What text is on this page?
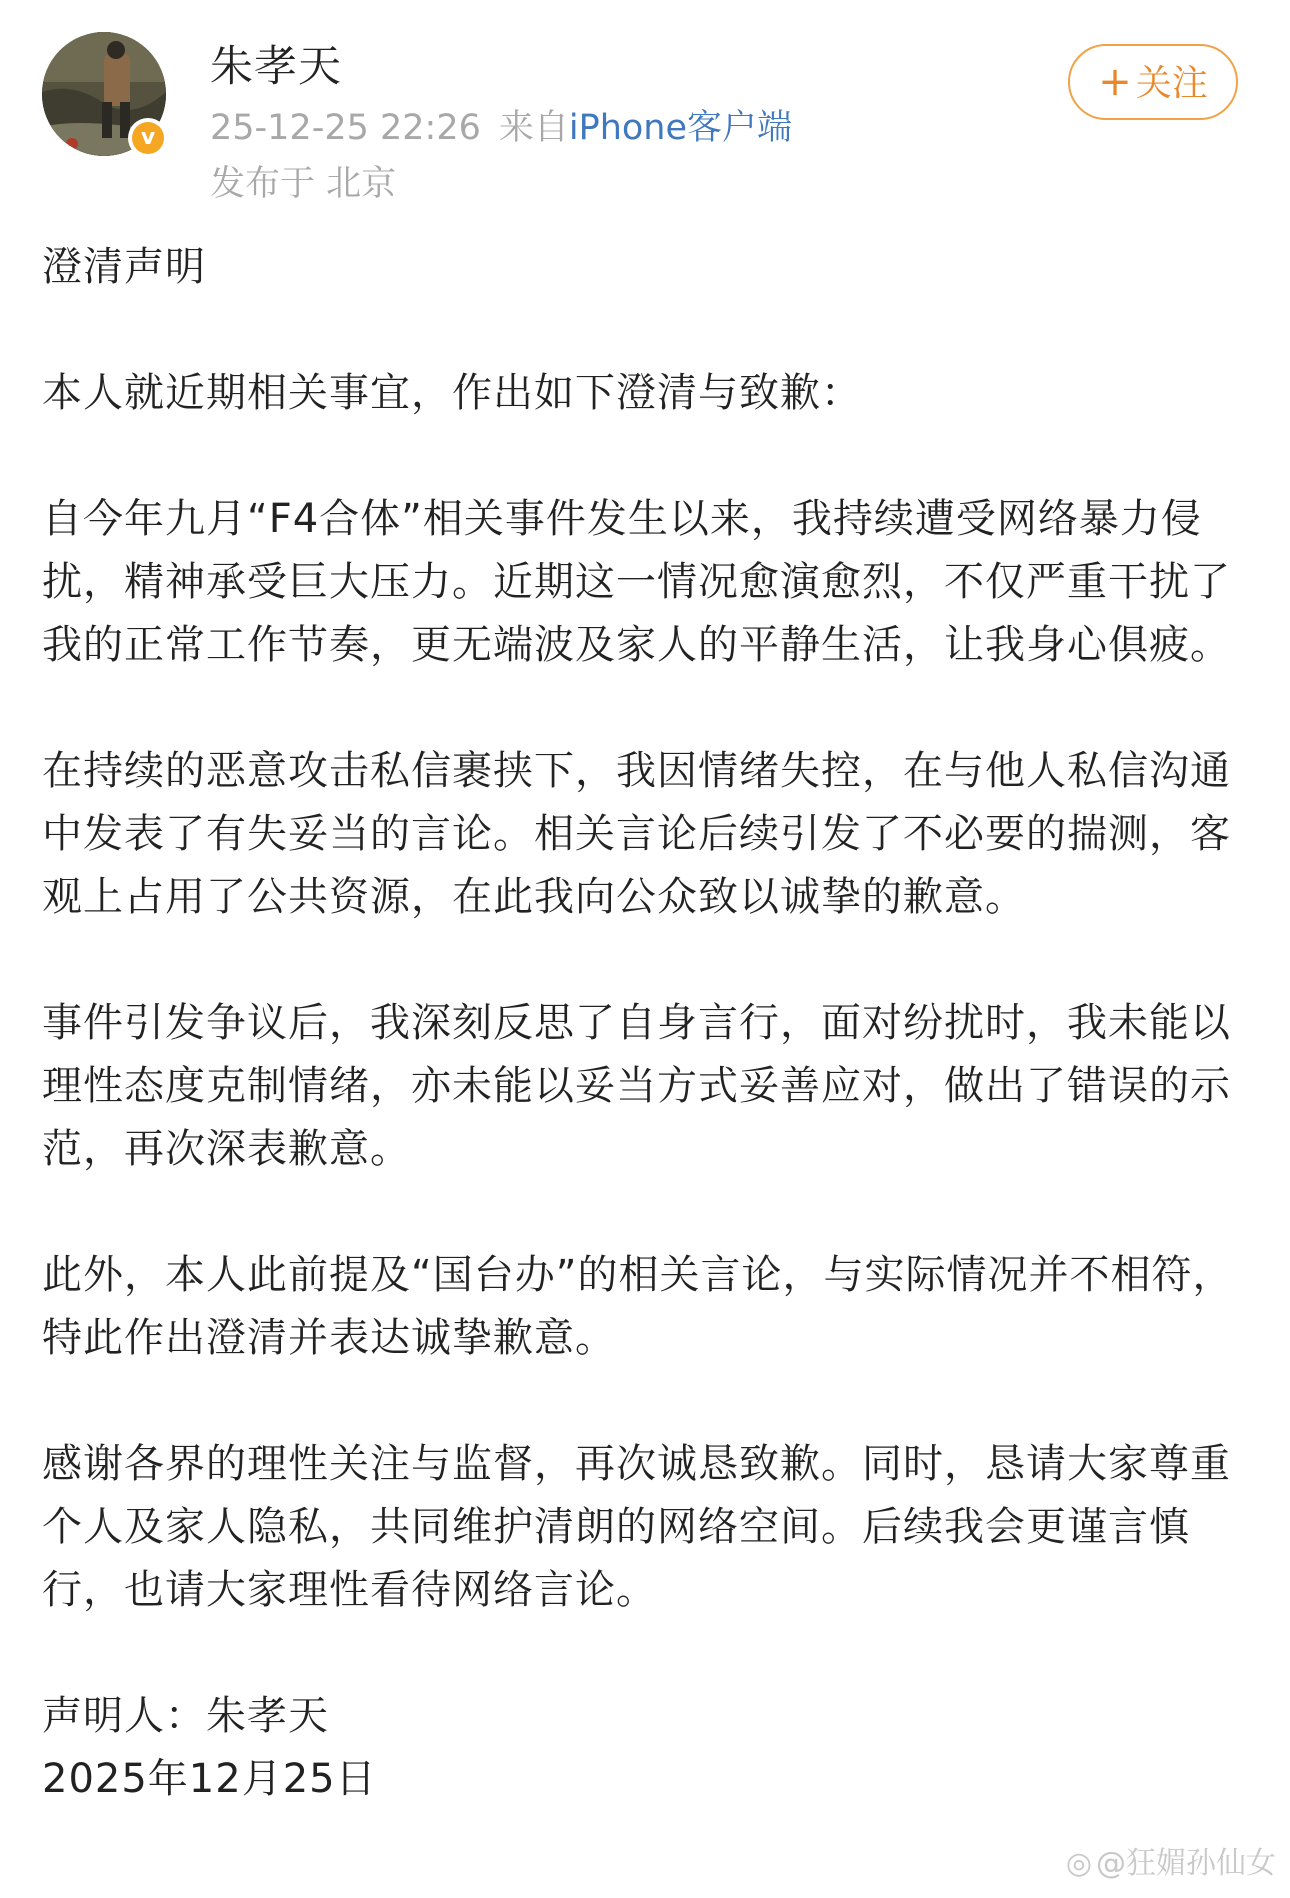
v
朱孝天
25-12-25 22:26 来自iPhone客户端
发布于 北京
+ 关注

澄清声明

本人就近期相关事宜，作出如下澄清与致歉：

自今年九月“F4合体”相关事件发生以来，我持续遭受网络暴力侵扰，精神承受巨大压力。近期这一情况愈演愈烈，不仅严重干扰了我的正常工作节奏，更无端波及家人的平静生活，让我身心俱疲。

在持续的恶意攻击私信裹挟下，我因情绪失控，在与他人私信沟通中发表了有失妥当的言论。相关言论后续引发了不必要的揣测，客观上占用了公共资源，在此我向公众致以诚挚的歉意。

事件引发争议后，我深刻反思了自身言行，面对纷扰时，我未能以理性态度克制情绪，亦未能以妥当方式妥善应对，做出了错误的示范，再次深表歉意。

此外，本人此前提及“国台办”的相关言论，与实际情况并不相符，特此作出澄清并表达诚挚歉意。

感谢各界的理性关注与监督，再次诚恳致歉。同时，恳请大家尊重个人及家人隐私，共同维护清朗的网络空间。后续我会更谨言慎行，也请大家理性看待网络言论。

声明人：朱孝天

2025年12月25日

◎ @狂媚孙仙女
